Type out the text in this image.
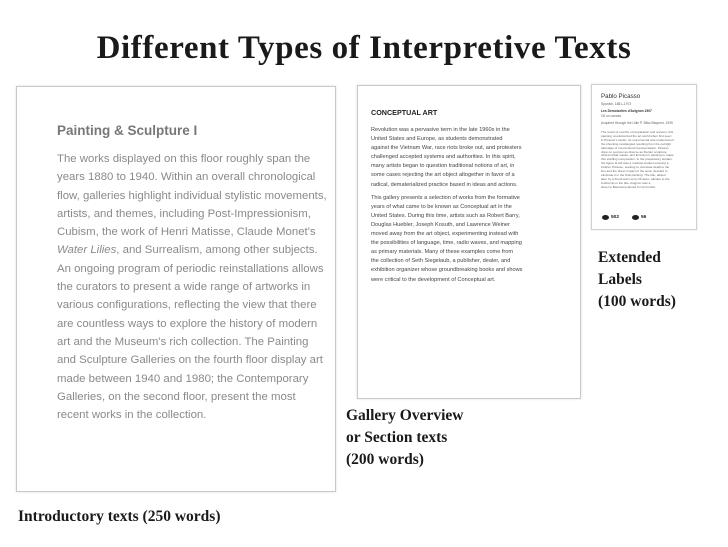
Different Types of Interpretive Texts
Painting & Sculpture I
The works displayed on this floor roughly span the
years 1880 to 1940. Within an overall chronological
flow, galleries highlight individual stylistic movements,
artists, and themes, including Post-Impressionism,
Cubism, the work of Henri Matisse, Claude Monet's
Water Lilies, and Surrealism, among other subjects.
An ongoing program of periodic reinstallations allows
the curators to present a wide range of artworks in
various configurations, reflecting the view that there
are countless ways to explore the history of modern
art and the Museum's rich collection. The Painting
and Sculpture Galleries on the fourth floor display art
made between 1940 and 1980; the Contemporary
Galleries, on the second floor, present the most
recent works in the collection.
CONCEPTUAL ART
Revolution was a pervasive term in the late 1960s in the
United States and Europe, as students demonstrated
against the Vietnam War, race riots broke out, and protesters
challenged accepted systems and authorities. In this spirit,
many artists began to question traditional notions of art, in
some cases rejecting the art object altogether in favor of a
radical, dematerialized practice based in ideas and actions.
This gallery presents a selection of works from the formative
years of what came to be known as Conceptual art in the
United States. During this time, artists such as Robert Barry,
Douglas Huebler, Joseph Kosuth, and Lawrence Weiner
moved away from the art object, experimenting instead with
the possibilities of language, time, radio waves, and mapping
as primary materials. Many of these examples come from
the collection of Seth Siegelaub, a publisher, dealer, and
exhibition organizer whose groundbreaking books and shows
were critical to the development of Conceptual art.
Pablo Picasso
Spanish, 1881–1973
Les Demoiselles d'Avignon 1907
Oil on canvas
Acquired through the Lillie P. Bliss Bequest, 1939
The result of months of preparation and revision, this
painting revolutionized the art world when first seen
in Picasso's studio. Its monumental size underscored
the shocking newfangled resulting from the outright
sabotage of conventional representation. Picasso
drew on sources as diverse as Iberian sculpture,
African tribal masks, and El Greco's painting to make
this startling composition. In the preparatory studies,
the figure at left was a medical student entering a
brothel. Picasso, seeking to overstate detail to the
line and the sheer impact of the work, decided to
eliminate it in the final painting. The title, added
later by a friend and not by Picasso, alludes to the
brothel as in the title. Avignon was a
street in Barcelona famed for its brothel.
502	56
Introductory texts (250 words)
Gallery Overview
or Section texts
(200 words)
Extended
Labels
(100 words)
